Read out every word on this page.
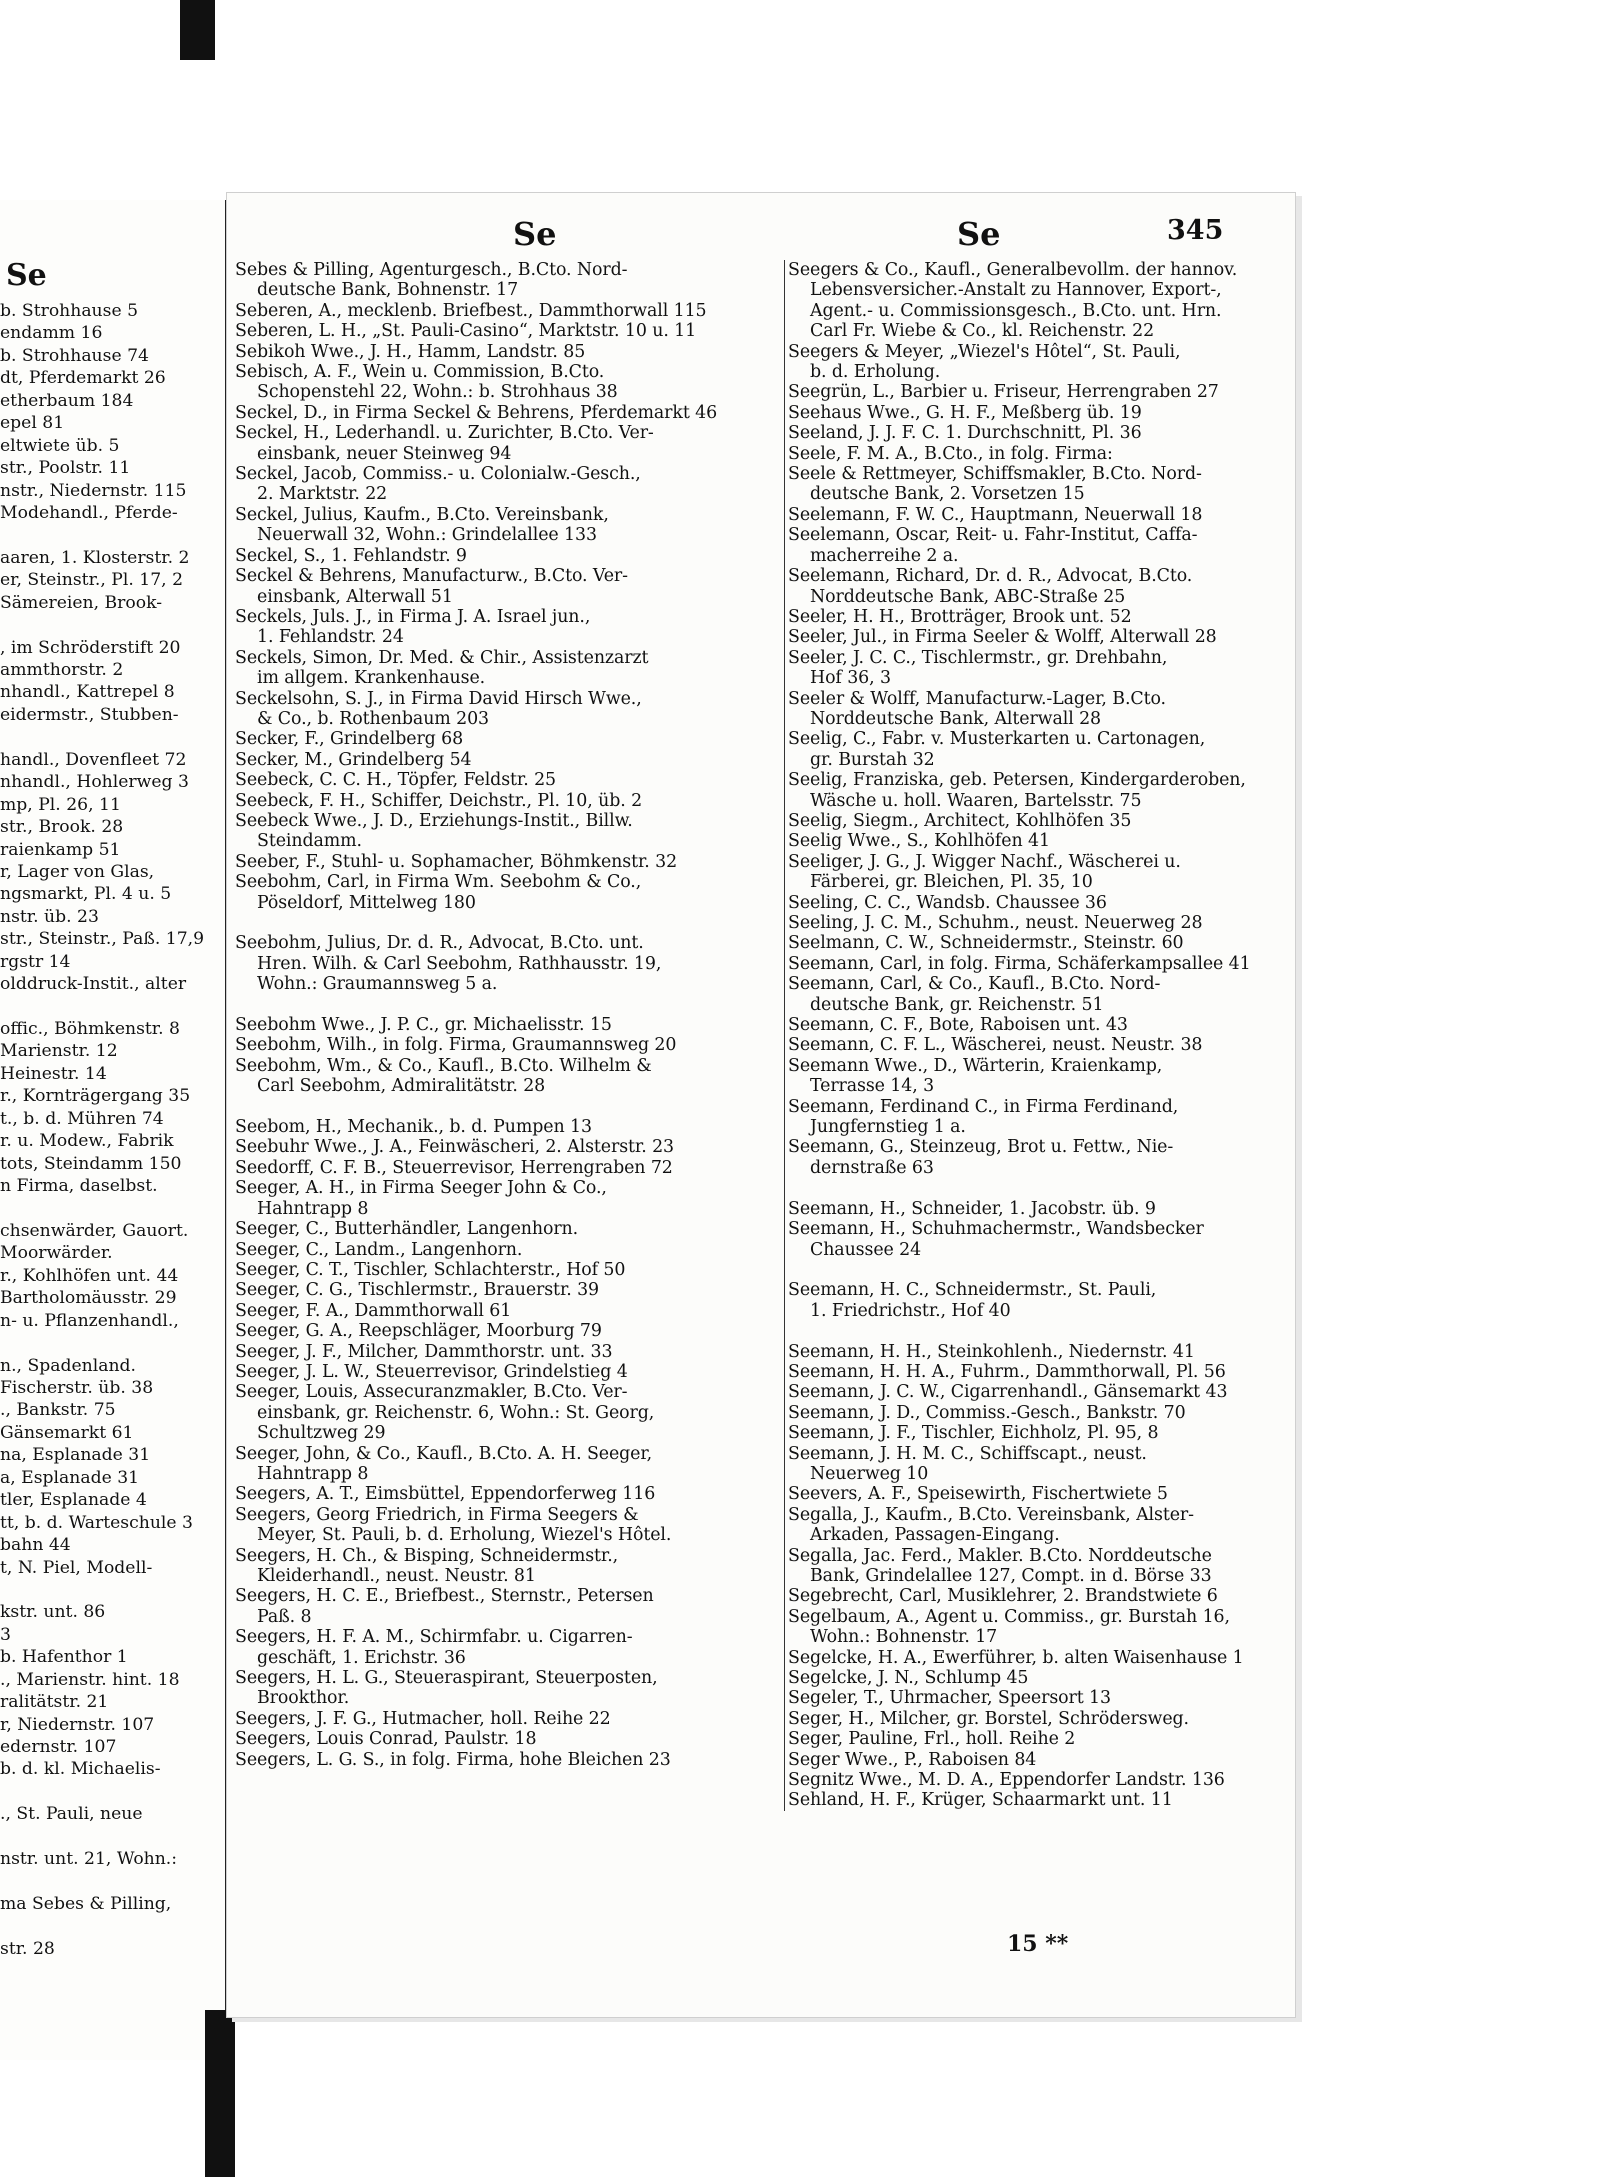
Se
b. Strohhause 5
endamm 16
b. Strohhause 74
dt, Pferdemarkt 26
etherbaum 184
epel 81
eltwiete üb. 5
str., Poolstr. 11
nstr., Niedernstr. 115
Modehandl., Pferde-
aaren, 1. Klosterstr. 2
er, Steinstr., Pl. 17, 2
Sämereien, Brook-
, im Schröderstift 20
ammthorstr. 2
nhandl., Kattrepel 8
eidermstr., Stubben-
handl., Dovenfleet 72
nhandl., Hohlerweg 3
mp, Pl. 26, 11
str., Brook. 28
raienkamp 51
r, Lager von Glas,
ngsmarkt, Pl. 4 u. 5
nstr. üb. 23
str., Steinstr., Paß. 17,9
rgstr 14
olddruck-Instit., alter
offic., Böhmkenstr. 8
Marienstr. 12
Heinestr. 14
r., Kornträgergang 35
t., b. d. Mühren 74
r. u. Modew., Fabrik
tots, Steindamm 150
n Firma, daselbst.
chsenwärder, Gauort.
Moorwärder.
r., Kohlhöfen unt. 44
Bartholomäusstr. 29
n- u. Pflanzenhandl.,
n., Spadenland.
Fischerstr. üb. 38
., Bankstr. 75
Gänsemarkt 61
na, Esplanade 31
a, Esplanade 31
tler, Esplanade 4
tt, b. d. Warteschule 3
bahn 44
t, N. Piel, Modell-
kstr. unt. 86
3
b. Hafenthor 1
., Marienstr. hint. 18
ralitätstr. 21
r, Niedernstr. 107
edernstr. 107
b. d. kl. Michaelis-
., St. Pauli, neue
nstr. unt. 21, Wohn.:
ma Sebes & Pilling,
str. 28
Se	Se	345
Sebes & Pilling, Agenturgesch., B.Cto. Nord-
deutsche Bank, Bohnenstr. 17
Seberen, A., mecklenb. Briefbest., Dammthorwall 115
Seberen, L. H., „St. Pauli-Casino“, Marktstr. 10 u. 11
Sebikoh Wwe., J. H., Hamm, Landstr. 85
Sebisch, A. F., Wein u. Commission, B.Cto.
Schopenstehl 22, Wohn.: b. Strohhaus 38
Seckel, D., in Firma Seckel & Behrens, Pferdemarkt 46
Seckel, H., Lederhandl. u. Zurichter, B.Cto. Ver-
einsbank, neuer Steinweg 94
Seckel, Jacob, Commiss.- u. Colonialw.-Gesch.,
2. Marktstr. 22
Seckel, Julius, Kaufm., B.Cto. Vereinsbank,
Neuerwall 32, Wohn.: Grindelallee 133
Seckel, S., 1. Fehlandstr. 9
Seckel & Behrens, Manufacturw., B.Cto. Ver-
einsbank, Alterwall 51
Seckels, Juls. J., in Firma J. A. Israel jun.,
1. Fehlandstr. 24
Seckels, Simon, Dr. Med. & Chir., Assistenzarzt
im allgem. Krankenhause.
Seckelsohn, S. J., in Firma David Hirsch Wwe.,
& Co., b. Rothenbaum 203
Secker, F., Grindelberg 68
Secker, M., Grindelberg 54
Seebeck, C. C. H., Töpfer, Feldstr. 25
Seebeck, F. H., Schiffer, Deichstr., Pl. 10, üb. 2
Seebeck Wwe., J. D., Erziehungs-Instit., Billw.
Steindamm.
Seeber, F., Stuhl- u. Sophamacher, Böhmkenstr. 32
Seebohm, Carl, in Firma Wm. Seebohm & Co.,
Pöseldorf, Mittelweg 180
Seebohm, Julius, Dr. d. R., Advocat, B.Cto. unt.
Hren. Wilh. & Carl Seebohm, Rathhausstr. 19,
Wohn.: Graumannsweg 5 a.
Seebohm Wwe., J. P. C., gr. Michaelisstr. 15
Seebohm, Wilh., in folg. Firma, Graumannsweg 20
Seebohm, Wm., & Co., Kaufl., B.Cto. Wilhelm &
Carl Seebohm, Admiralitätstr. 28
Seebom, H., Mechanik., b. d. Pumpen 13
Seebuhr Wwe., J. A., Feinwäscheri, 2. Alsterstr. 23
Seedorff, C. F. B., Steuerrevisor, Herrengraben 72
Seeger, A. H., in Firma Seeger John & Co.,
Hahntrapp 8
Seeger, C., Butterhändler, Langenhorn.
Seeger, C., Landm., Langenhorn.
Seeger, C. T., Tischler, Schlachterstr., Hof 50
Seeger, C. G., Tischlermstr., Brauerstr. 39
Seeger, F. A., Dammthorwall 61
Seeger, G. A., Reepschläger, Moorburg 79
Seeger, J. F., Milcher, Dammthorstr. unt. 33
Seeger, J. L. W., Steuerrevisor, Grindelstieg 4
Seeger, Louis, Assecuranzmakler, B.Cto. Ver-
einsbank, gr. Reichenstr. 6, Wohn.: St. Georg,
Schultzweg 29
Seeger, John, & Co., Kaufl., B.Cto. A. H. Seeger,
Hahntrapp 8
Seegers, A. T., Eimsbüttel, Eppendorferweg 116
Seegers, Georg Friedrich, in Firma Seegers &
Meyer, St. Pauli, b. d. Erholung, Wiezel's Hôtel.
Seegers, H. Ch., & Bisping, Schneidermstr.,
Kleiderhandl., neust. Neustr. 81
Seegers, H. C. E., Briefbest., Sternstr., Petersen
Paß. 8
Seegers, H. F. A. M., Schirmfabr. u. Cigarren-
geschäft, 1. Erichstr. 36
Seegers, H. L. G., Steueraspirant, Steuerposten,
Brookthor.
Seegers, J. F. G., Hutmacher, holl. Reihe 22
Seegers, Louis Conrad, Paulstr. 18
Seegers, L. G. S., in folg. Firma, hohe Bleichen 23
Seegers & Co., Kaufl., Generalbevollm. der hannov.
Lebensversicher.-Anstalt zu Hannover, Export-,
Agent.- u. Commissionsgesch., B.Cto. unt. Hrn.
Carl Fr. Wiebe & Co., kl. Reichenstr. 22
Seegers & Meyer, „Wiezel's Hôtel“, St. Pauli,
b. d. Erholung.
Seegrün, L., Barbier u. Friseur, Herrengraben 27
Seehaus Wwe., G. H. F., Meßberg üb. 19
Seeland, J. J. F. C. 1. Durchschnitt, Pl. 36
Seele, F. M. A., B.Cto., in folg. Firma:
Seele & Rettmeyer, Schiffsmakler, B.Cto. Nord-
deutsche Bank, 2. Vorsetzen 15
Seelemann, F. W. C., Hauptmann, Neuerwall 18
Seelemann, Oscar, Reit- u. Fahr-Institut, Caffa-
macherreihe 2 a.
Seelemann, Richard, Dr. d. R., Advocat, B.Cto.
Norddeutsche Bank, ABC-Straße 25
Seeler, H. H., Brotträger, Brook unt. 52
Seeler, Jul., in Firma Seeler & Wolff, Alterwall 28
Seeler, J. C. C., Tischlermstr., gr. Drehbahn,
Hof 36, 3
Seeler & Wolff, Manufacturw.-Lager, B.Cto.
Norddeutsche Bank, Alterwall 28
Seelig, C., Fabr. v. Musterkarten u. Cartonagen,
gr. Burstah 32
Seelig, Franziska, geb. Petersen, Kindergarderoben,
Wäsche u. holl. Waaren, Bartelsstr. 75
Seelig, Siegm., Architect, Kohlhöfen 35
Seelig Wwe., S., Kohlhöfen 41
Seeliger, J. G., J. Wigger Nachf., Wäscherei u.
Färberei, gr. Bleichen, Pl. 35, 10
Seeling, C. C., Wandsb. Chaussee 36
Seeling, J. C. M., Schuhm., neust. Neuerweg 28
Seelmann, C. W., Schneidermstr., Steinstr. 60
Seemann, Carl, in folg. Firma, Schäferkampsallee 41
Seemann, Carl, & Co., Kaufl., B.Cto. Nord-
deutsche Bank, gr. Reichenstr. 51
Seemann, C. F., Bote, Raboisen unt. 43
Seemann, C. F. L., Wäscherei, neust. Neustr. 38
Seemann Wwe., D., Wärterin, Kraienkamp,
Terrasse 14, 3
Seemann, Ferdinand C., in Firma Ferdinand,
Jungfernstieg 1 a.
Seemann, G., Steinzeug, Brot u. Fettw., Nie-
dernstraße 63
Seemann, H., Schneider, 1. Jacobstr. üb. 9
Seemann, H., Schuhmachermstr., Wandsbecker
Chaussee 24
Seemann, H. C., Schneidermstr., St. Pauli,
1. Friedrichstr., Hof 40
Seemann, H. H., Steinkohlenh., Niedernstr. 41
Seemann, H. H. A., Fuhrm., Dammthorwall, Pl. 56
Seemann, J. C. W., Cigarrenhandl., Gänsemarkt 43
Seemann, J. D., Commiss.-Gesch., Bankstr. 70
Seemann, J. F., Tischler, Eichholz, Pl. 95, 8
Seemann, J. H. M. C., Schiffscapt., neust.
Neuerweg 10
Seevers, A. F., Speisewirth, Fischertwiete 5
Segalla, J., Kaufm., B.Cto. Vereinsbank, Alster-
Arkaden, Passagen-Eingang.
Segalla, Jac. Ferd., Makler. B.Cto. Norddeutsche
Bank, Grindelallee 127, Compt. in d. Börse 33
Segebrecht, Carl, Musiklehrer, 2. Brandstwiete 6
Segelbaum, A., Agent u. Commiss., gr. Burstah 16,
Wohn.: Bohnenstr. 17
Segelcke, H. A., Ewerführer, b. alten Waisenhause 1
Segelcke, J. N., Schlump 45
Segeler, T., Uhrmacher, Speersort 13
Seger, H., Milcher, gr. Borstel, Schrödersweg.
Seger, Pauline, Frl., holl. Reihe 2
Seger Wwe., P., Raboisen 84
Segnitz Wwe., M. D. A., Eppendorfer Landstr. 136
Sehland, H. F., Krüger, Schaarmarkt unt. 11
15 **
